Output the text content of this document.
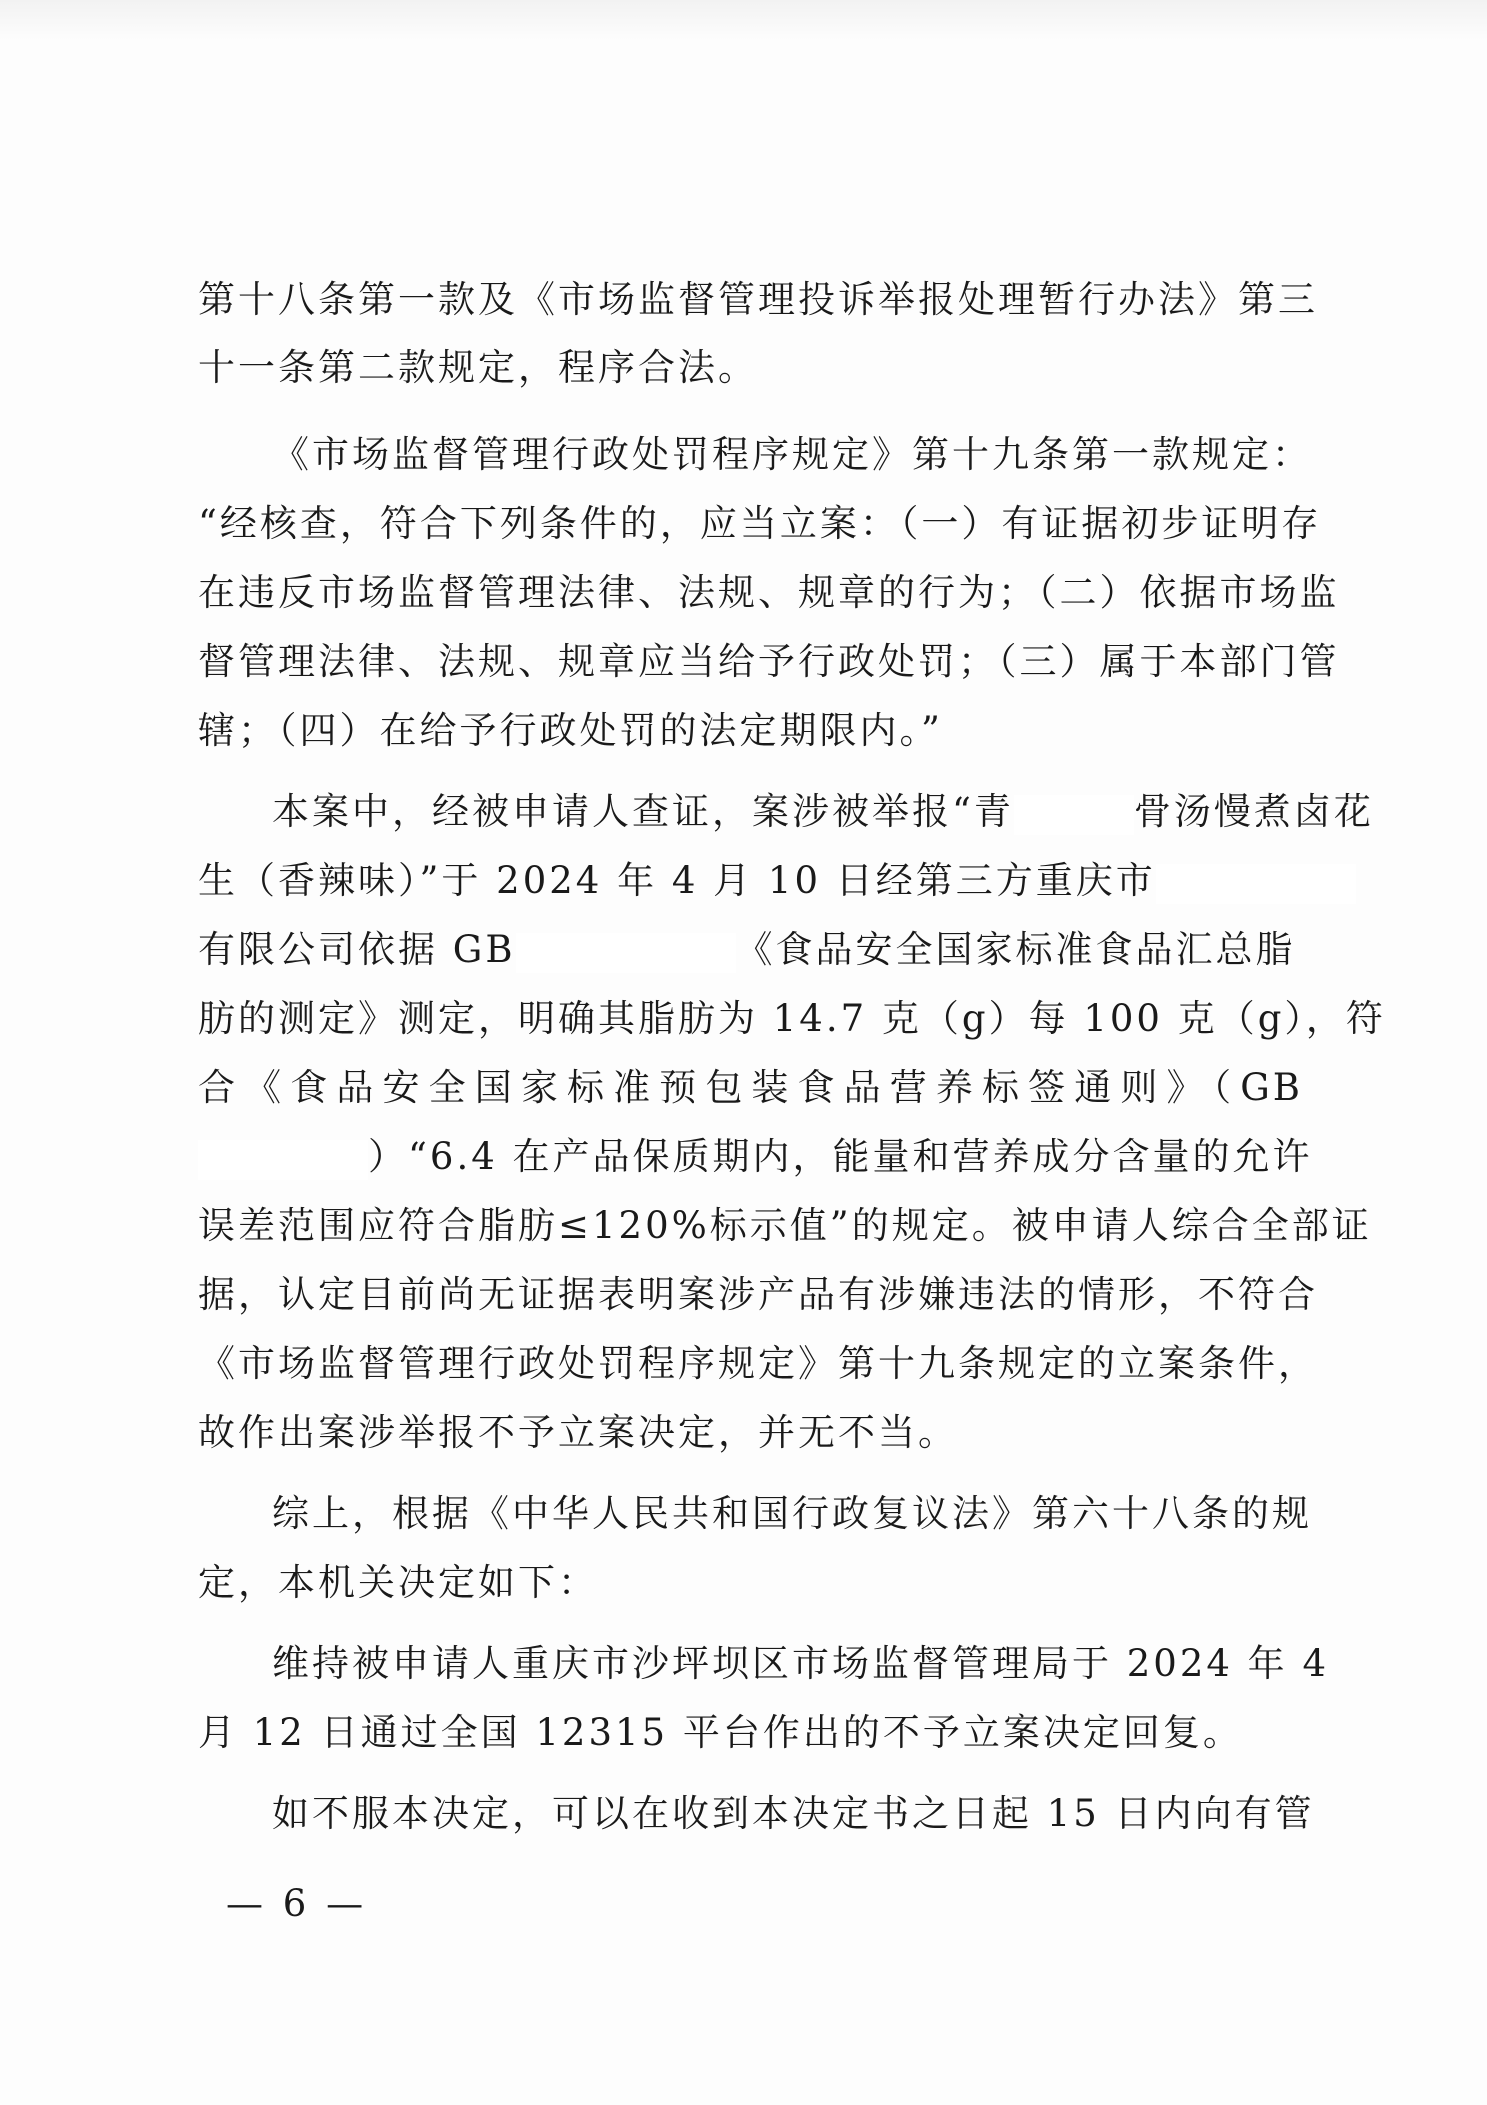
第十八条第一款及《市场监督管理投诉举报处理暂行办法》第三
十一条第二款规定，程序合法。
《市场监督管理行政处罚程序规定》第十九条第一款规定：
“经核查，符合下列条件的，应当立案：（一）有证据初步证明存
在违反市场监督管理法律、法规、规章的行为；（二）依据市场监
督管理法律、法规、规章应当给予行政处罚；（三）属于本部门管
辖；（四）在给予行政处罚的法定期限内。”
本案中，经被申请人查证，案涉被举报“青	骨汤慢煮卤花
生（香辣味）”于 2024 年 4 月 10 日经第三方重庆市
有限公司依据 GB	《食品安全国家标准食品汇总脂
肪的测定》测定，明确其脂肪为 14.7 克（g）每 100 克（g），符
合《食品安全国家标准预包装食品营养标签通则》（GB
）“6.4 在产品保质期内，能量和营养成分含量的允许
误差范围应符合脂肪≤120%标示值”的规定。被申请人综合全部证
据，认定目前尚无证据表明案涉产品有涉嫌违法的情形，不符合
《市场监督管理行政处罚程序规定》第十九条规定的立案条件，
故作出案涉举报不予立案决定，并无不当。
综上，根据《中华人民共和国行政复议法》第六十八条的规
定，本机关决定如下：
维持被申请人重庆市沙坪坝区市场监督管理局于 2024 年 4
月 12 日通过全国 12315 平台作出的不予立案决定回复。
如不服本决定，可以在收到本决定书之日起 15 日内向有管
— 6 —
